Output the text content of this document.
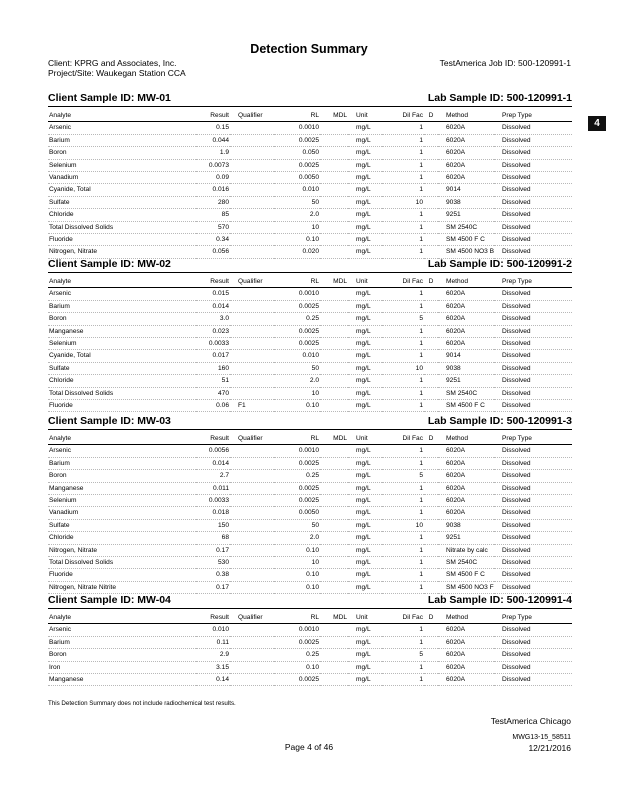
Detection Summary
Client: KPRG and Associates, Inc.
Project/Site: Waukegan Station CCA
TestAmerica Job ID: 500-120991-1
4
Client Sample ID: MW-01	Lab Sample ID: 500-120991-1
Analyte	Result	Qualifier	RL	MDL	Unit	Dil Fac	D	Method	Prep Type
Arsenic	0.15		0.0010		mg/L	1		6020A	Dissolved
Barium	0.044		0.0025		mg/L	1		6020A	Dissolved
Boron	1.9		0.050		mg/L	1		6020A	Dissolved
Selenium	0.0073		0.0025		mg/L	1		6020A	Dissolved
Vanadium	0.09		0.0050		mg/L	1		6020A	Dissolved
Cyanide, Total	0.016		0.010		mg/L	1		9014	Dissolved
Sulfate	280		50		mg/L	10		9038	Dissolved
Chloride	85		2.0		mg/L	1		9251	Dissolved
Total Dissolved Solids	570		10		mg/L	1		SM 2540C	Dissolved
Fluoride	0.34		0.10		mg/L	1		SM 4500 F C	Dissolved
Nitrogen, Nitrate	0.056		0.020		mg/L	1		SM 4500 NO3 B	Dissolved
Client Sample ID: MW-02	Lab Sample ID: 500-120991-2
Analyte	Result	Qualifier	RL	MDL	Unit	Dil Fac	D	Method	Prep Type
Arsenic	0.015		0.0010		mg/L	1		6020A	Dissolved
Barium	0.014		0.0025		mg/L	1		6020A	Dissolved
Boron	3.0		0.25		mg/L	5		6020A	Dissolved
Manganese	0.023		0.0025		mg/L	1		6020A	Dissolved
Selenium	0.0033		0.0025		mg/L	1		6020A	Dissolved
Cyanide, Total	0.017		0.010		mg/L	1		9014	Dissolved
Sulfate	160		50		mg/L	10		9038	Dissolved
Chloride	51		2.0		mg/L	1		9251	Dissolved
Total Dissolved Solids	470		10		mg/L	1		SM 2540C	Dissolved
Fluoride	0.06	F1	0.10		mg/L	1		SM 4500 F C	Dissolved
Client Sample ID: MW-03	Lab Sample ID: 500-120991-3
Analyte	Result	Qualifier	RL	MDL	Unit	Dil Fac	D	Method	Prep Type
Arsenic	0.0056		0.0010		mg/L	1		6020A	Dissolved
Barium	0.014		0.0025		mg/L	1		6020A	Dissolved
Boron	2.7		0.25		mg/L	5		6020A	Dissolved
Manganese	0.011		0.0025		mg/L	1		6020A	Dissolved
Selenium	0.0033		0.0025		mg/L	1		6020A	Dissolved
Vanadium	0.018		0.0050		mg/L	1		6020A	Dissolved
Sulfate	150		50		mg/L	10		9038	Dissolved
Chloride	68		2.0		mg/L	1		9251	Dissolved
Nitrogen, Nitrate	0.17		0.10		mg/L	1		Nitrate by calc	Dissolved
Total Dissolved Solids	530		10		mg/L	1		SM 2540C	Dissolved
Fluoride	0.38		0.10		mg/L	1		SM 4500 F C	Dissolved
Nitrogen, Nitrate Nitrite	0.17		0.10		mg/L	1		SM 4500 NO3 F	Dissolved
Client Sample ID: MW-04	Lab Sample ID: 500-120991-4
Analyte	Result	Qualifier	RL	MDL	Unit	Dil Fac	D	Method	Prep Type
Arsenic	0.010		0.0010		mg/L	1		6020A	Dissolved
Barium	0.11		0.0025		mg/L	1		6020A	Dissolved
Boron	2.9		0.25		mg/L	5		6020A	Dissolved
Iron	3.15		0.10		mg/L	1		6020A	Dissolved
Manganese	0.14		0.0025		mg/L	1		6020A	Dissolved
This Detection Summary does not include radiochemical test results.
TestAmerica Chicago
MWG13-15_58511
Page 4 of 46	12/21/2016
